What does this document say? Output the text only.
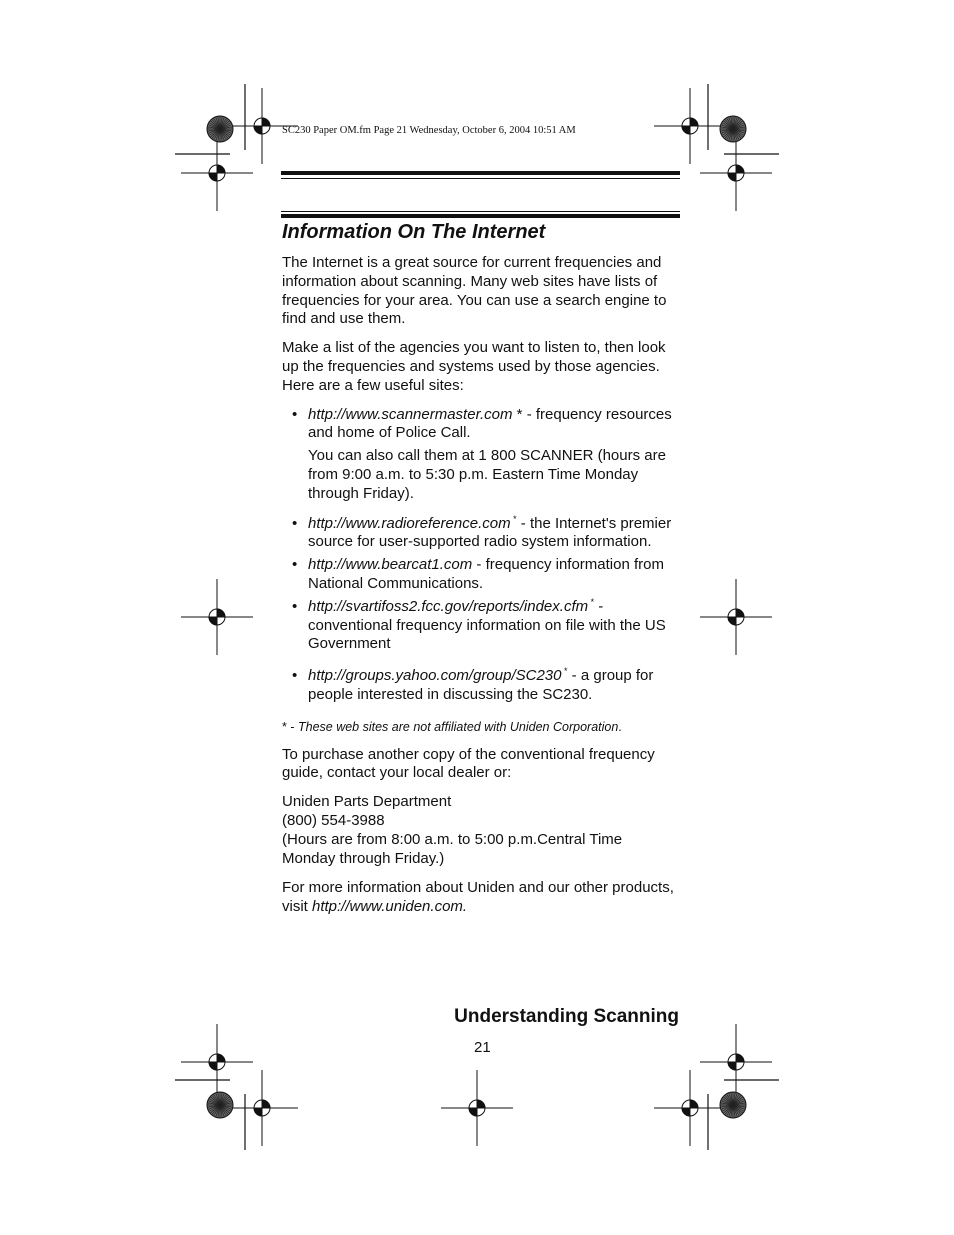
SC230 Paper OM.fm Page 21 Wednesday, October 6, 2004 10:51 AM
Information On The Internet

The Internet is a great source for current frequencies and information about scanning. Many web sites have lists of frequencies for your area. You can use a search engine to find and use them.

Make a list of the agencies you want to listen to, then look up the frequencies and systems used by those agencies. Here are a few useful sites:

• http://www.scannermaster.com * - frequency resources and home of Police Call.
You can also call them at 1 800 SCANNER (hours are from 9:00 a.m. to 5:30 p.m. Eastern Time Monday through Friday).
• http://www.radioreference.com * - the Internet's premier source for user-supported radio system information.
• http://www.bearcat1.com - frequency information from National Communications.
• http://svartifoss2.fcc.gov/reports/index.cfm * - conventional frequency information on file with the US Government
• http://groups.yahoo.com/group/SC230 * - a group for people interested in discussing the SC230.

* - These web sites are not affiliated with Uniden Corporation.

To purchase another copy of the conventional frequency guide, contact your local dealer or:

Uniden Parts Department
(800) 554-3988
(Hours are from 8:00 a.m. to 5:00 p.m.Central Time
Monday through Friday.)

For more information about Uniden and our other products, visit http://www.uniden.com.

Understanding Scanning
21
